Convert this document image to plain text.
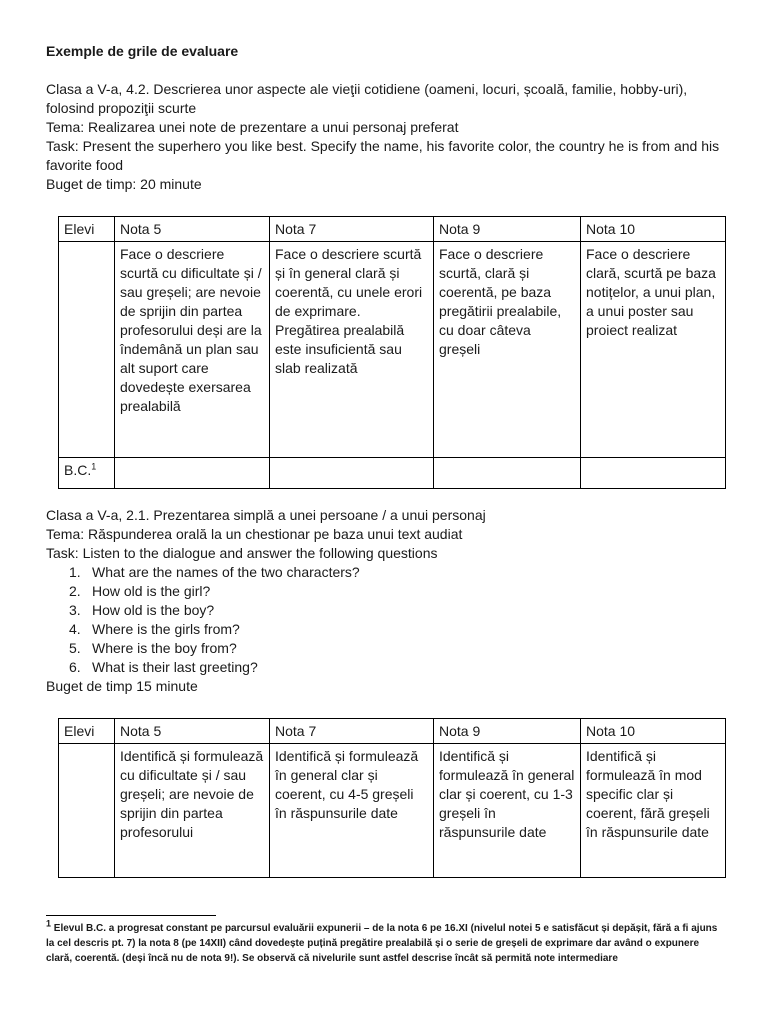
Exemple de grile de evaluare

Clasa a V-a, 4.2. Descrierea unor aspecte ale vieţii cotidiene (oameni, locuri, școală, familie, hobby-uri), folosind propoziţii scurte

Tema: Realizarea unei note de prezentare a unui personaj preferat

Task: Present the superhero you like best. Specify the name, his favorite color, the country he is from and his favorite food

Buget de timp: 20 minute

Elevi	Nota 5	Nota 7	Nota 9	Nota 10
	Face o descriere scurtă cu dificultate și / sau greșeli; are nevoie de sprijin din partea profesorului deși are la îndemână un plan sau alt suport care dovedește exersarea prealabilă	Face o descriere scurtă și în general clară și coerentă, cu unele erori de exprimare. Pregătirea prealabilă este insuficientă sau slab realizată	Face o descriere scurtă, clară și coerentă, pe baza pregătirii prealabile, cu doar câteva greșeli	Face o descriere clară, scurtă pe baza notițelor, a unui plan, a unui poster sau proiect realizat
B.C.$^1$				

Clasa a V-a, 2.1. Prezentarea simplă a unei persoane / a unui personaj

Tema: Răspunderea orală la un chestionar pe baza unui text audiat

Task: Listen to the dialogue and answer the following questions

1. What are the names of the two characters?
2. How old is the girl?
3. How old is the boy?
4. Where is the girls from?
5. Where is the boy from?
6. What is their last greeting?

Buget de timp 15 minute

Elevi	Nota 5	Nota 7	Nota 9	Nota 10
	Identifică și formulează cu dificultate și / sau greșeli; are nevoie de sprijin din partea profesorului	Identifică și formulează în general clar și coerent, cu 4-5 greșeli în răspunsurile date	Identifică și formulează în general clar și coerent, cu 1-3 greșeli în răspunsurile date	Identifică și formulează în mod specific clar și coerent, fără greșeli în răspunsurile date
$^1$ Elevul B.C. a progresat constant pe parcursul evaluării expunerii – de la nota 6 pe 16.XI (nivelul notei 5 e satisfăcut și depășit, fără a fi ajuns la cel descris pt. 7) la nota 8 (pe 14XII) când dovedește puțină pregătire prealabilă și o serie de greșeli de exprimare dar având o expunere clară, coerentă. (deși încă nu de nota 9!). Se observă că nivelurile sunt astfel descrise încât să permită note intermediare
